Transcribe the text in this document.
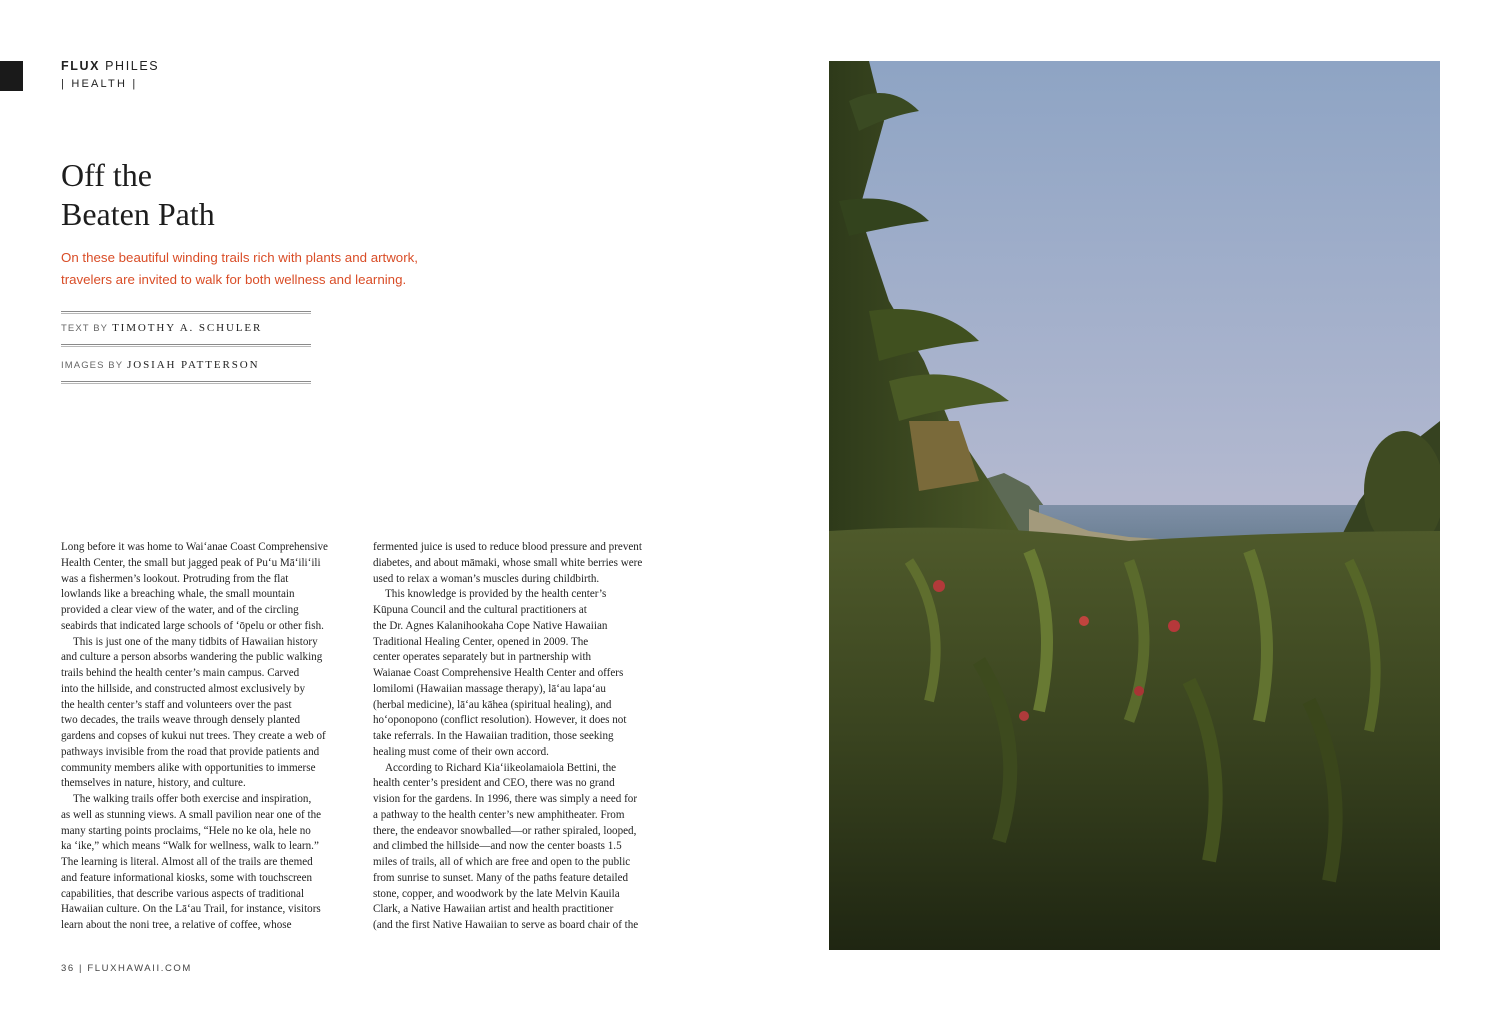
FLUX PHILES
| HEALTH |
Off the
Beaten Path
On these beautiful winding trails rich with plants and artwork,
travelers are invited to walk for both wellness and learning.
TEXT BY TIMOTHY A. SCHULER
IMAGES BY JOSIAH PATTERSON
Long before it was home to Wai‘anae Coast Comprehensive
Health Center, the small but jagged peak of Pu‘u Mā‘ili‘ili
was a fishermen’s lookout. Protruding from the flat
lowlands like a breaching whale, the small mountain
provided a clear view of the water, and of the circling
seabirds that indicated large schools of ‘ōpelu or other fish.
This is just one of the many tidbits of Hawaiian history
and culture a person absorbs wandering the public walking
trails behind the health center’s main campus. Carved
into the hillside, and constructed almost exclusively by
the health center’s staff and volunteers over the past
two decades, the trails weave through densely planted
gardens and copses of kukui nut trees. They create a web of
pathways invisible from the road that provide patients and
community members alike with opportunities to immerse
themselves in nature, history, and culture.
The walking trails offer both exercise and inspiration,
as well as stunning views. A small pavilion near one of the
many starting points proclaims, “Hele no ke ola, hele no
ka ‘ike,” which means “Walk for wellness, walk to learn.”
The learning is literal. Almost all of the trails are themed
and feature informational kiosks, some with touchscreen
capabilities, that describe various aspects of traditional
Hawaiian culture. On the Lā‘au Trail, for instance, visitors
learn about the noni tree, a relative of coffee, whose
fermented juice is used to reduce blood pressure and prevent
diabetes, and about māmaki, whose small white berries were
used to relax a woman’s muscles during childbirth.
This knowledge is provided by the health center’s
Kūpuna Council and the cultural practitioners at
the Dr. Agnes Kalanihookaha Cope Native Hawaiian
Traditional Healing Center, opened in 2009. The
center operates separately but in partnership with
Waianae Coast Comprehensive Health Center and offers
lomilomi (Hawaiian massage therapy), lā‘au lapa‘au
(herbal medicine), lā‘au kāhea (spiritual healing), and
ho‘oponopono (conflict resolution). However, it does not
take referrals. In the Hawaiian tradition, those seeking
healing must come of their own accord.
According to Richard Kia‘iikeolamaiola Bettini, the
health center’s president and CEO, there was no grand
vision for the gardens. In 1996, there was simply a need for
a pathway to the health center’s new amphitheater. From
there, the endeavor snowballed—or rather spiraled, looped,
and climbed the hillside—and now the center boasts 1.5
miles of trails, all of which are free and open to the public
from sunrise to sunset. Many of the paths feature detailed
stone, copper, and woodwork by the late Melvin Kauila
Clark, a Native Hawaiian artist and health practitioner
(and the first Native Hawaiian to serve as board chair of the
36 | FLUXHAWAII.COM
